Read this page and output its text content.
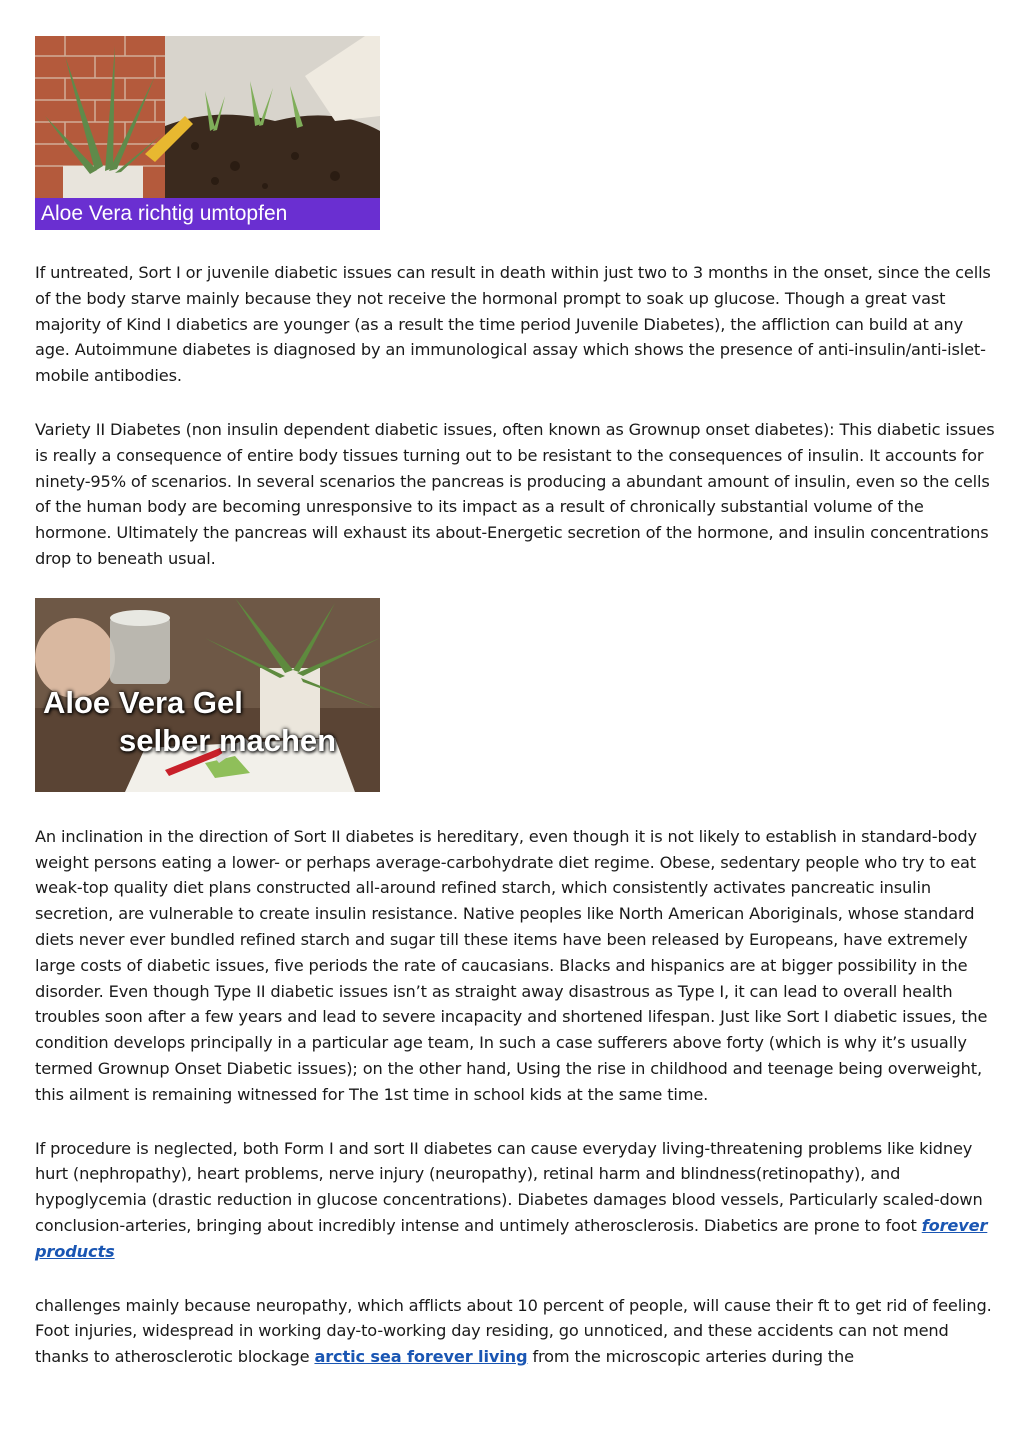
Aloe Vera richtig umtopfen

If untreated, Sort I or juvenile diabetic issues can result in death within just two to 3 months in the onset, since the cells of the body starve mainly because they not receive the hormonal prompt to soak up glucose. Though a great vast majority of Kind I diabetics are younger (as a result the time period Juvenile Diabetes), the affliction can build at any age. Autoimmune diabetes is diagnosed by an immunological assay which shows the presence of anti-insulin/anti-islet-mobile antibodies.

Variety II Diabetes (non insulin dependent diabetic issues, often known as Grownup onset diabetes): This diabetic issues is really a consequence of entire body tissues turning out to be resistant to the consequences of insulin. It accounts for ninety-95% of scenarios. In several scenarios the pancreas is producing a abundant amount of insulin, even so the cells of the human body are becoming unresponsive to its impact as a result of chronically substantial volume of the hormone. Ultimately the pancreas will exhaust its about-Energetic secretion of the hormone, and insulin concentrations drop to beneath usual.

Aloe Vera Gel
selber machen

An inclination in the direction of Sort II diabetes is hereditary, even though it is not likely to establish in standard-body weight persons eating a lower- or perhaps average-carbohydrate diet regime. Obese, sedentary people who try to eat weak-top quality diet plans constructed all-around refined starch, which consistently activates pancreatic insulin secretion, are vulnerable to create insulin resistance. Native peoples like North American Aboriginals, whose standard diets never ever bundled refined starch and sugar till these items have been released by Europeans, have extremely large costs of diabetic issues, five periods the rate of caucasians. Blacks and hispanics are at bigger possibility in the disorder. Even though Type II diabetic issues isn’t as straight away disastrous as Type I, it can lead to overall health troubles soon after a few years and lead to severe incapacity and shortened lifespan. Just like Sort I diabetic issues, the condition develops principally in a particular age team, In such a case sufferers above forty (which is why it’s usually termed Grownup Onset Diabetic issues); on the other hand, Using the rise in childhood and teenage being overweight, this ailment is remaining witnessed for The 1st time in school kids at the same time.

If procedure is neglected, both Form I and sort II diabetes can cause everyday living-threatening problems like kidney hurt (nephropathy), heart problems, nerve injury (neuropathy), retinal harm and blindness(retinopathy), and hypoglycemia (drastic reduction in glucose concentrations). Diabetes damages blood vessels, Particularly scaled-down conclusion-arteries, bringing about incredibly intense and untimely atherosclerosis. Diabetics are prone to foot forever products

challenges mainly because neuropathy, which afflicts about 10 percent of people, will cause their ft to get rid of feeling. Foot injuries, widespread in working day-to-working day residing, go unnoticed, and these accidents can not mend thanks to atherosclerotic blockage arctic sea forever living from the microscopic arteries during the
